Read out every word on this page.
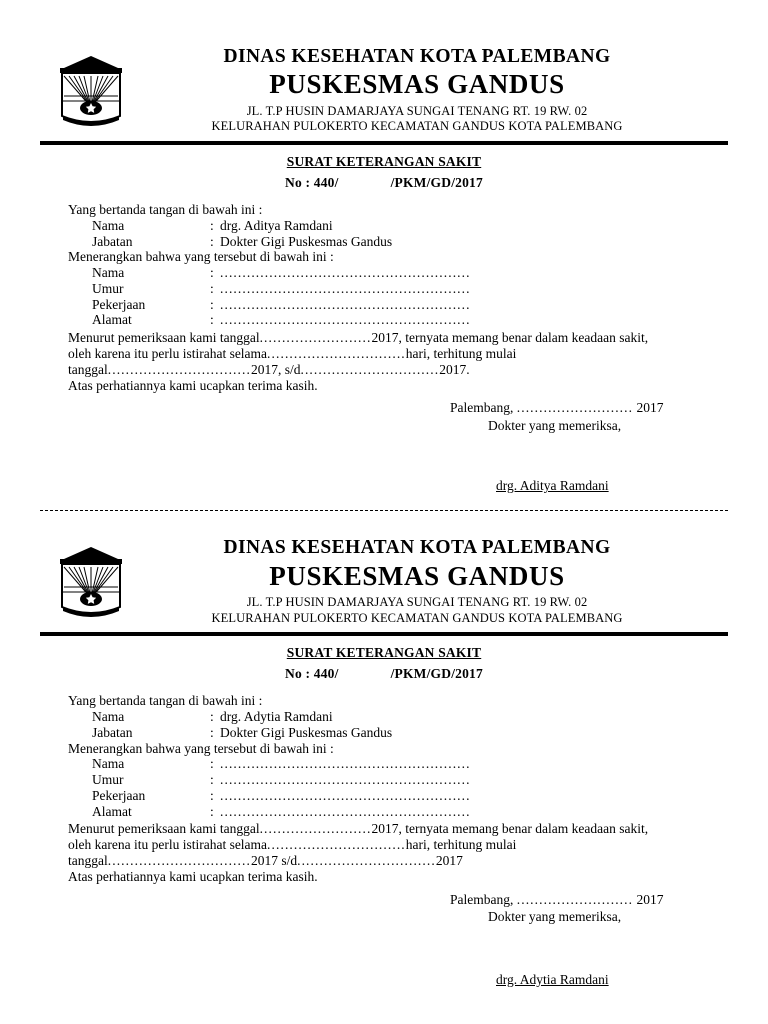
DINAS KESEHATAN KOTA PALEMBANG
PUSKESMAS GANDUS
JL. T.P HUSIN DAMARJAYA SUNGAI TENANG RT. 19 RW. 02
KELURAHAN PULOKERTO KECAMATAN GANDUS KOTA PALEMBANG
SURAT KETERANGAN SAKIT
No : 440/	/PKM/GD/2017
Yang bertanda tangan di bawah ini :
Nama	: drg. Aditya Ramdani
Jabatan	: Dokter Gigi Puskesmas Gandus
Menerangkan bahwa yang tersebut di bawah ini :
Nama	: ........................................................
Umur	: ........................................................
Pekerjaan	: ........................................................
Alamat	: ........................................................
Menurut pemeriksaan kami tanggal.........................2017, ternyata memang benar dalam keadaan sakit,
oleh karena itu perlu istirahat selama...............................hari, terhitung mulai
tanggal................................2017, s/d...............................2017.
Atas perhatiannya kami ucapkan terima kasih.
Palembang, .......................... 2017
Dokter yang memeriksa,
drg. Aditya Ramdani
DINAS KESEHATAN KOTA PALEMBANG
PUSKESMAS GANDUS
JL. T.P HUSIN DAMARJAYA SUNGAI TENANG RT. 19 RW. 02
KELURAHAN PULOKERTO KECAMATAN GANDUS KOTA PALEMBANG
SURAT KETERANGAN SAKIT
No : 440/	/PKM/GD/2017
Yang bertanda tangan di bawah ini :
Nama	: drg. Adytia Ramdani
Jabatan	: Dokter Gigi Puskesmas Gandus
Menerangkan bahwa yang tersebut di bawah ini :
Nama	: ........................................................
Umur	: ........................................................
Pekerjaan	: ........................................................
Alamat	: ........................................................
Menurut pemeriksaan kami tanggal.........................2017, ternyata memang benar dalam keadaan sakit,
oleh karena itu perlu istirahat selama...............................hari, terhitung mulai
tanggal................................2017 s/d...............................2017
Atas perhatiannya kami ucapkan terima kasih.
Palembang, .......................... 2017
Dokter yang memeriksa,
drg. Adytia Ramdani
